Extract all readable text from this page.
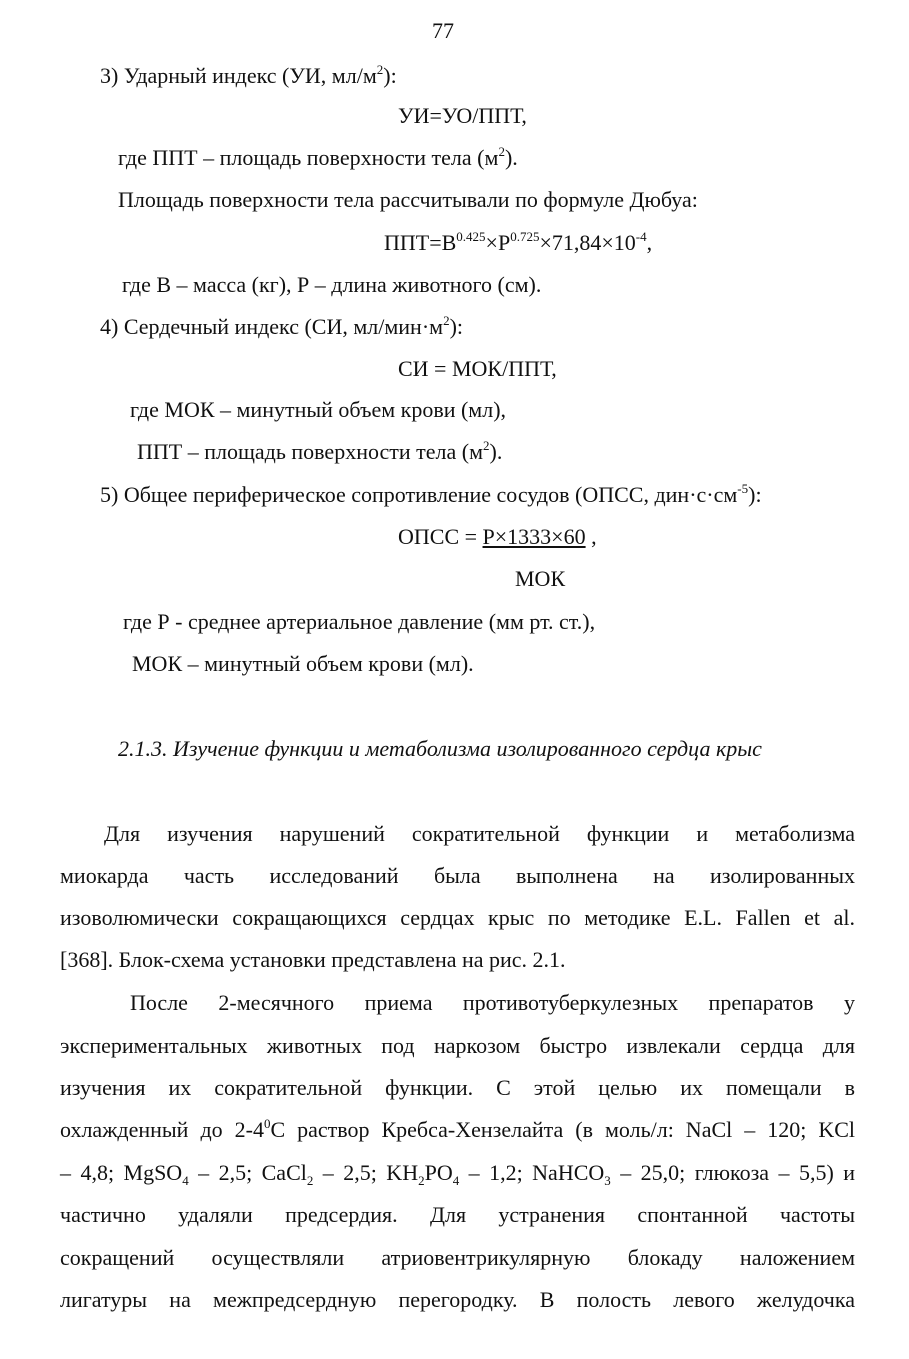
77
3) Ударный индекс (УИ, $мл/м^2$):
УИ=УО/ППТ,
где ППТ – площадь поверхности тела $(м^2)$.
Площадь поверхности тела рассчитывали по формуле Дюбуа:
$ППТ=В^{0.425}\times Р^{0.725}\times 71,84\times 10^{-4}$,
где В – масса (кг), Р – длина животного (см).
4) Сердечный индекс (СИ, $мл/мин\cdot м^2$):
СИ = МОК/ППТ,
где МОК – минутный объем крови (мл),
ППТ – площадь поверхности тела $(м^2)$.
5) Общее периферическое сопротивление сосудов (ОПСС, $дин\cdot с\cdot см^{-5}$):
ОПСС = Р×1333×60 ,
МОК
где Р - среднее артериальное давление (мм рт. ст.),
МОК – минутный объем крови (мл).
2.1.3. Изучение функции и метаболизма изолированного сердца крыс
Для изучения нарушений сократительной функции и метаболизма
миокарда часть исследований была выполнена на изолированных
изоволюмически сокращающихся сердцах крыс по методике E.L. Fallen et al.
[368]. Блок-схема установки представлена на рис. 2.1.
После 2-месячного приема противотуберкулезных препаратов у
экспериментальных животных под наркозом быстро извлекали сердца для
изучения их сократительной функции. С этой целью их помещали в
охлажденный до $2-4^0С$ раствор Кребса-Хензелайта (в моль/л: NaCl – 120; KCl
– 4,8; MgSO$_4$ – 2,5; CaCl$_2$ – 2,5; $KH_2PO_4 - 1,2$; NaHCO$_3$ – 25,0; глюкоза – 5,5) и
частично удаляли предсердия. Для устранения спонтанной частоты
сокращений осуществляли атриовентрикулярную блокаду наложением
лигатуры на межпредсердную перегородку. В полость левого желудочка
